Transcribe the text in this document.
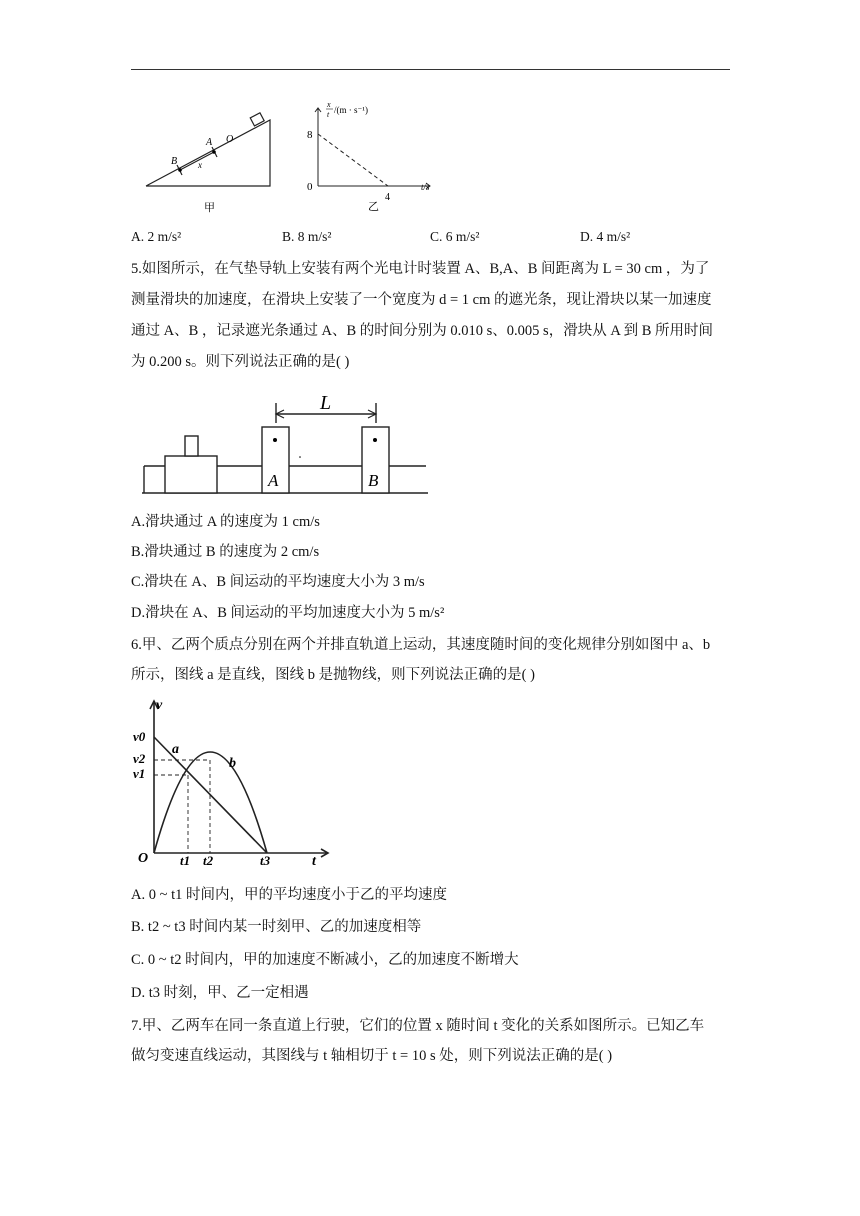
O
A
B x
甲
x
t /(m · s⁻¹)
8
0
4
t/s
乙
A. 2 m/s²	B. 8 m/s²	C. 6 m/s²	D. 4 m/s²
5.如图所示，在气垫导轨上安装有两个光电计时装置 A、B,A、B 间距离为 L = 30 cm ，为了
测量滑块的加速度，在滑块上安装了一个宽度为 d = 1 cm 的遮光条，现让滑块以某一加速度
通过 A、B ，记录遮光条通过 A、B 的时间分别为 0.010 s、0.005 s，滑块从 A 到 B 所用时间
为 0.200 s。则下列说法正确的是( )
L
A	B
A.滑块通过 A 的速度为 1 cm/s
B.滑块通过 B 的速度为 2 cm/s
C.滑块在 A、B 间运动的平均速度大小为 3 m/s
D.滑块在 A、B 间运动的平均加速度大小为 5 m/s²
6.甲、乙两个质点分别在两个并排直轨道上运动，其速度随时间的变化规律分别如图中 a、b
所示，图线 a 是直线，图线 b 是抛物线，则下列说法正确的是( )
v
t
O
v0
v2
v1
a
b
t1 t2	t3
A. 0 ~ t1 时间内，甲的平均速度小于乙的平均速度
B. t2 ~ t3 时间内某一时刻甲、乙的加速度相等
C. 0 ~ t2 时间内，甲的加速度不断减小，乙的加速度不断增大
D. t3 时刻，甲、乙一定相遇
7.甲、乙两车在同一条直道上行驶，它们的位置 x 随时间 t 变化的关系如图所示。已知乙车
做匀变速直线运动，其图线与 t 轴相切于 t = 10 s 处，则下列说法正确的是( )
